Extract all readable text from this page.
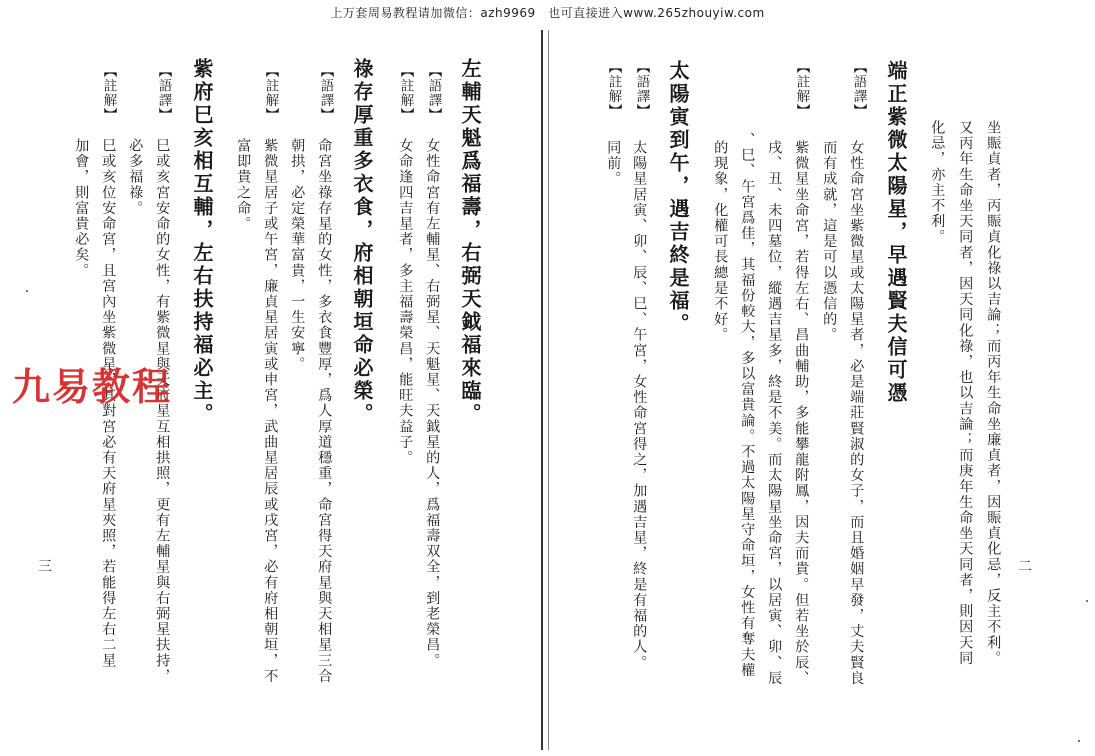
上万套周易教程请加微信：azh9969　也可直接进入www.265zhouyiw.com
二
坐賑貞者，丙賑貞化祿以吉論；而丙年生命坐廉貞者，因賑貞化忌，反主不利。
又丙年生命坐天同者，因天同化祿，也以吉論；而庚年生命坐天同者，則因天同
化忌，亦主不利。
端正紫微太陽星，早遇賢夫信可憑
【語譯】
女性命宮坐紫微星或太陽星者，必是端莊賢淑的女子，而且婚姻早發，丈夫賢良
而有成就，這是可以憑信的。
【註解】
紫微星坐命宮，若得左右、昌曲輔助，多能攀龍附鳳，因夫而貴。但若坐於辰、
戌、丑、未四墓位，縱遇吉星多，終是不美。而太陽星坐命宮，以居寅、卯、辰
、巳、午宮爲佳，其福份較大，多以富貴論。不過太陽星守命垣，女性有奪夫權
的現象，化權可長總是不好。
太陽寅到午，遇吉終是福。
【語譯】
太陽星居寅、卯、辰、巳、午宮，女性命宮得之，加遇吉星，終是有福的人。
【註解】
同前。
三
左輔天魁爲福壽，右弼天鉞福來臨。
【語譯】
女性命宮有左輔星、右弼星、天魁星、天鉞星的人，爲福壽双全，到老榮昌。
【註解】
女命逢四吉星者，多主福壽榮昌，能旺夫益子。
祿存厚重多衣食，府相朝垣命必榮。
【語譯】
命宮坐祿存星的女性，多衣食豐厚，爲人厚道穩重，命宮得天府星與天相星三合
朝拱，必定榮華富貴，一生安寧。
【註解】
紫微星居子或午宮，廉貞星居寅或申宮，武曲星居辰或戌宮，必有府相朝垣，不
富即貴之命。
紫府巳亥相互輔，左右扶持福必主。
【語譯】
巳或亥宮安命的女性，有紫微星與天府星互相拱照，更有左輔星與右弼星扶持，
必多福祿。
【註解】
巳或亥位安命宮，且宮內坐紫微星，其對宮必有天府星夾照，若能得左右二星
加會，則富貴必矣。
九易教程
